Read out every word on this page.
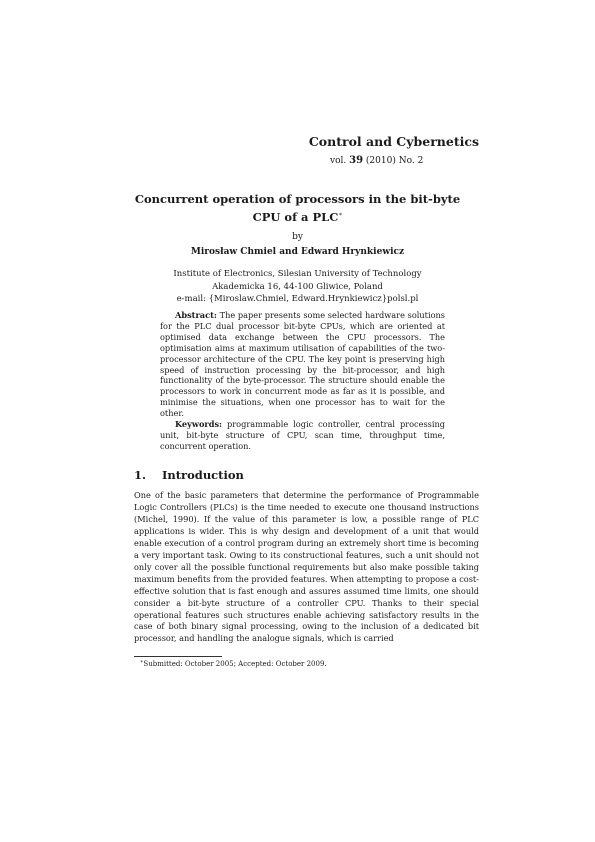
Control and Cybernetics
vol. 39 (2010) No. 2
Concurrent operation of processors in the bit-byte CPU of a PLC∗
by
Mirosław Chmiel and Edward Hrynkiewicz
Institute of Electronics, Silesian University of Technology
Akademicka 16, 44-100 Gliwice, Poland
e-mail: {Miroslaw.Chmiel, Edward.Hrynkiewicz}polsl.pl

Abstract: The paper presents some selected hardware solutions for the PLC dual processor bit-byte CPUs, which are oriented at optimised data exchange between the CPU processors. The optimisation aims at maximum utilisation of capabilities of the two-processor architecture of the CPU. The key point is preserving high speed of instruction processing by the bit-processor, and high functionality of the byte-processor. The structure should enable the processors to work in concurrent mode as far as it is possible, and minimise the situations, when one processor has to wait for the other.

Keywords: programmable logic controller, central processing unit, bit-byte structure of CPU, scan time, throughput time, concurrent operation.

1. Introduction

One of the basic parameters that determine the performance of Programmable Logic Controllers (PLCs) is the time needed to execute one thousand instructions (Michel, 1990). If the value of this parameter is low, a possible range of PLC applications is wider. This is why design and development of a unit that would enable execution of a control program during an extremely short time is becoming a very important task. Owing to its constructional features, such a unit should not only cover all the possible functional requirements but also make possible taking maximum benefits from the provided features. When attempting to propose a cost-effective solution that is fast enough and assures assumed time limits, one should consider a bit-byte structure of a controller CPU. Thanks to their special operational features such structures enable achieving satisfactory results in the case of both binary signal processing, owing to the inclusion of a dedicated bit processor, and handling the analogue signals, which is carried

∗Submitted: October 2005; Accepted: October 2009.
